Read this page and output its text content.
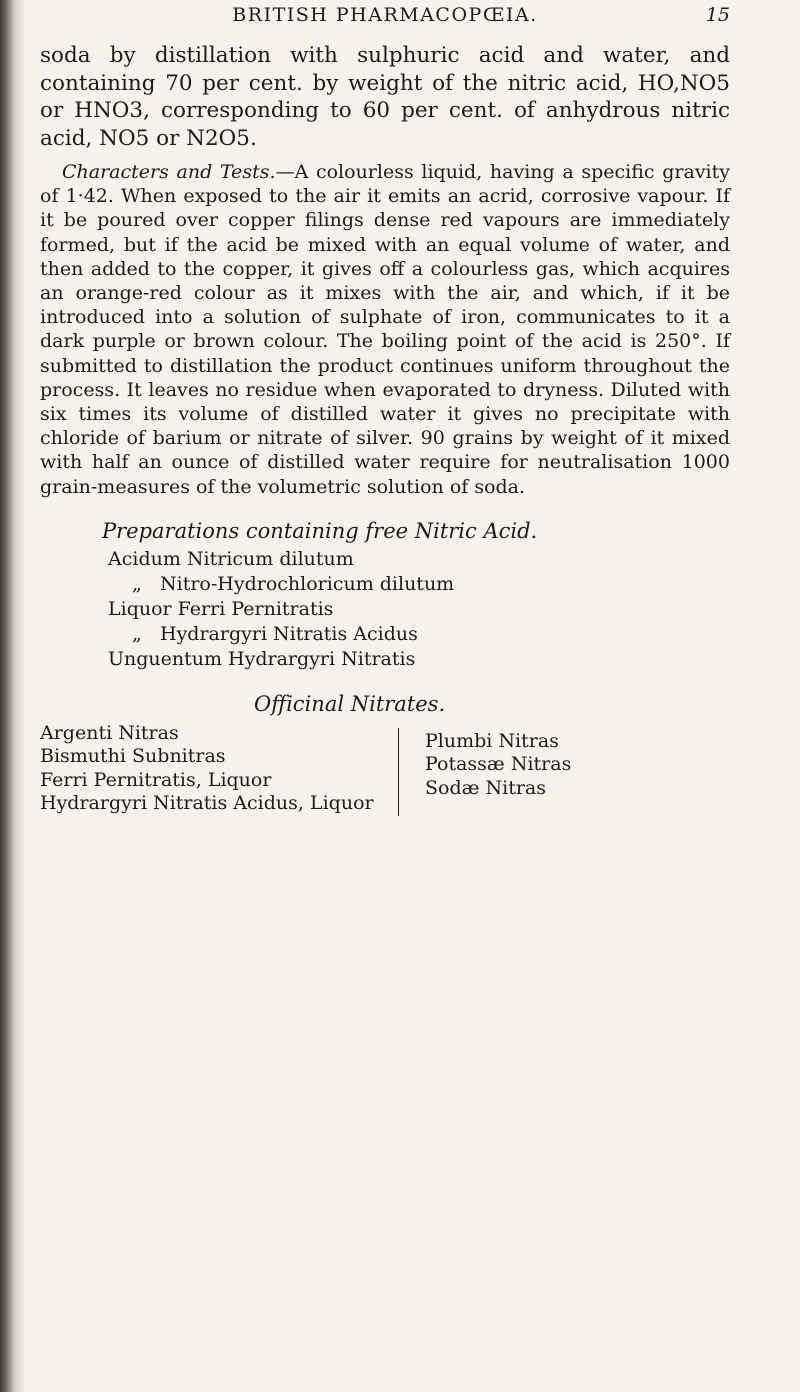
BRITISH PHARMACOPŒIA.	15

soda by distillation with sulphuric acid and water, and containing 70 per cent. by weight of the nitric acid, HO,NO5 or HNO3, corresponding to 60 per cent. of anhydrous nitric acid, NO5 or N2O5.

Characters and Tests.—A colourless liquid, having a specific gravity of 1·42. When exposed to the air it emits an acrid, corrosive vapour. If it be poured over copper filings dense red vapours are immediately formed, but if the acid be mixed with an equal volume of water, and then added to the copper, it gives off a colourless gas, which acquires an orange-red colour as it mixes with the air, and which, if it be introduced into a solution of sulphate of iron, communicates to it a dark purple or brown colour. The boiling point of the acid is 250°. If submitted to distillation the product continues uniform throughout the process. It leaves no residue when evaporated to dryness. Diluted with six times its volume of distilled water it gives no precipitate with chloride of barium or nitrate of silver. 90 grains by weight of it mixed with half an ounce of distilled water require for neutralisation 1000 grain-measures of the volumetric solution of soda.

Preparations containing free Nitric Acid.
Acidum Nitricum dilutum
„ Nitro-Hydrochloricum dilutum
Liquor Ferri Pernitratis
„ Hydrargyri Nitratis Acidus
Unguentum Hydrargyri Nitratis
Officinal Nitrates.
Argenti Nitras
Bismuthi Subnitras
Ferri Pernitratis, Liquor
Hydrargyri Nitratis Acidus, Liquor
Plumbi Nitras
Potassæ Nitras
Sodæ Nitras
